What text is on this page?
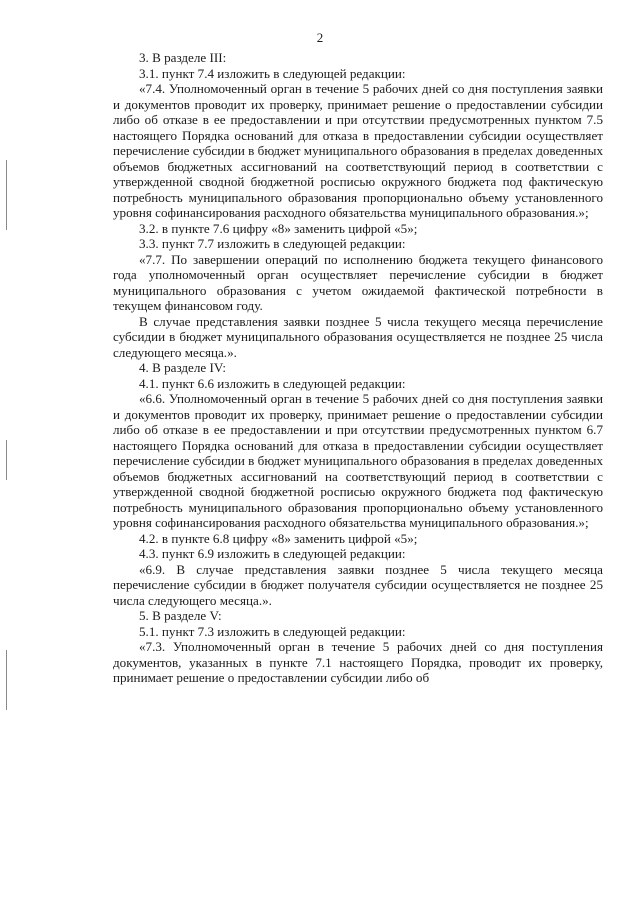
2

3. В разделе III:

3.1. пункт 7.4 изложить в следующей редакции:

«7.4. Уполномоченный орган в течение 5 рабочих дней со дня поступления заявки и документов проводит их проверку, принимает решение о предоставлении субсидии либо об отказе в ее предоставлении и при отсутствии предусмотренных пунктом 7.5 настоящего Порядка оснований для отказа в предоставлении субсидии осуществляет перечисление субсидии в бюджет муниципального образования в пределах доведенных объемов бюджетных ассигнований на соответствующий период в соответствии с утвержденной сводной бюджетной росписью окружного бюджета под фактическую потребность муниципального образования пропорционально объему установленного уровня софинансирования расходного обязательства муниципального образования.»;

3.2. в пункте 7.6 цифру «8» заменить цифрой «5»;

3.3. пункт 7.7 изложить в следующей редакции:

«7.7. По завершении операций по исполнению бюджета текущего финансового года уполномоченный орган осуществляет перечисление субсидии в бюджет муниципального образования с учетом ожидаемой фактической потребности в текущем финансовом году.

В случае представления заявки позднее 5 числа текущего месяца перечисление субсидии в бюджет муниципального образования осуществляется не позднее 25 числа следующего месяца.».

4. В разделе IV:

4.1. пункт 6.6 изложить в следующей редакции:

«6.6. Уполномоченный орган в течение 5 рабочих дней со дня поступления заявки и документов проводит их проверку, принимает решение о предоставлении субсидии либо об отказе в ее предоставлении и при отсутствии предусмотренных пунктом 6.7 настоящего Порядка оснований для отказа в предоставлении субсидии осуществляет перечисление субсидии в бюджет муниципального образования в пределах доведенных объемов бюджетных ассигнований на соответствующий период в соответствии с утвержденной сводной бюджетной росписью окружного бюджета под фактическую потребность муниципального образования пропорционально объему установленного уровня софинансирования расходного обязательства муниципального образования.»;

4.2. в пункте 6.8 цифру «8» заменить цифрой «5»;

4.3. пункт 6.9 изложить в следующей редакции:

«6.9. В случае представления заявки позднее 5 числа текущего месяца перечисление субсидии в бюджет получателя субсидии осуществляется не позднее 25 числа следующего месяца.».

5. В разделе V:

5.1. пункт 7.3 изложить в следующей редакции:

«7.3. Уполномоченный орган в течение 5 рабочих дней со дня поступления документов, указанных в пункте 7.1 настоящего Порядка, проводит их проверку, принимает решение о предоставлении субсидии либо об
